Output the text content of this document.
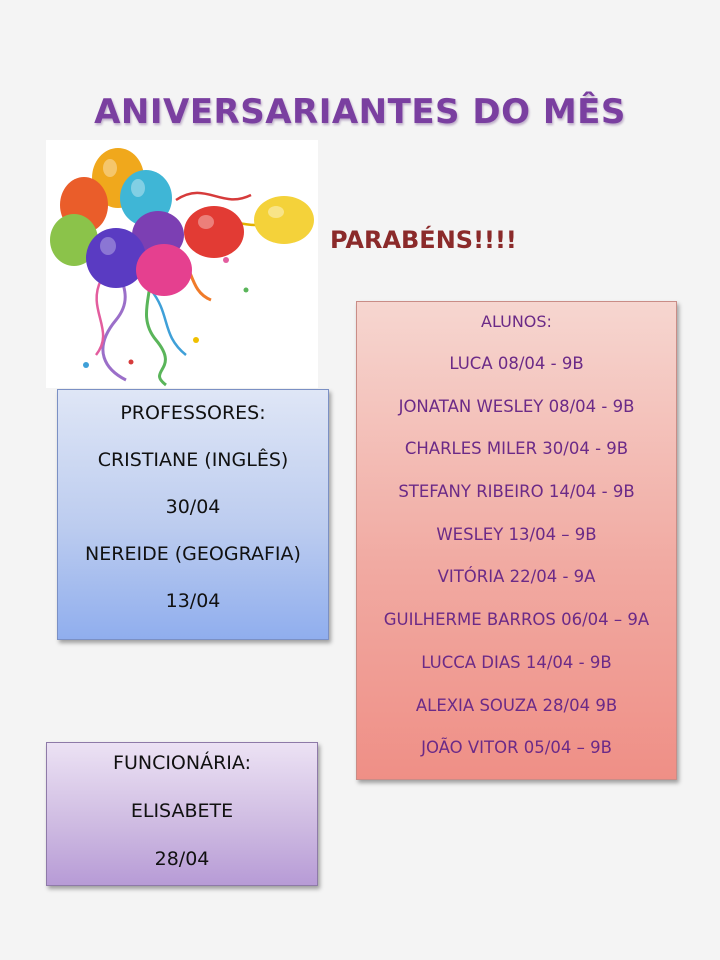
ANIVERSARIANTES DO MÊS
PARABÉNS!!!!
PROFESSORES:
CRISTIANE (INGLÊS)
30/04
NEREIDE (GEOGRAFIA)
13/04
ALUNOS:
LUCA 08/04 - 9B
JONATAN WESLEY 08/04 - 9B
CHARLES MILER 30/04 - 9B
STEFANY RIBEIRO 14/04 - 9B
WESLEY 13/04 – 9B
VITÓRIA 22/04 - 9A
GUILHERME BARROS 06/04 – 9A
LUCCA DIAS 14/04 - 9B
ALEXIA SOUZA 28/04 9B
JOÃO VITOR 05/04 – 9B
FUNCIONÁRIA:
ELISABETE
28/04
